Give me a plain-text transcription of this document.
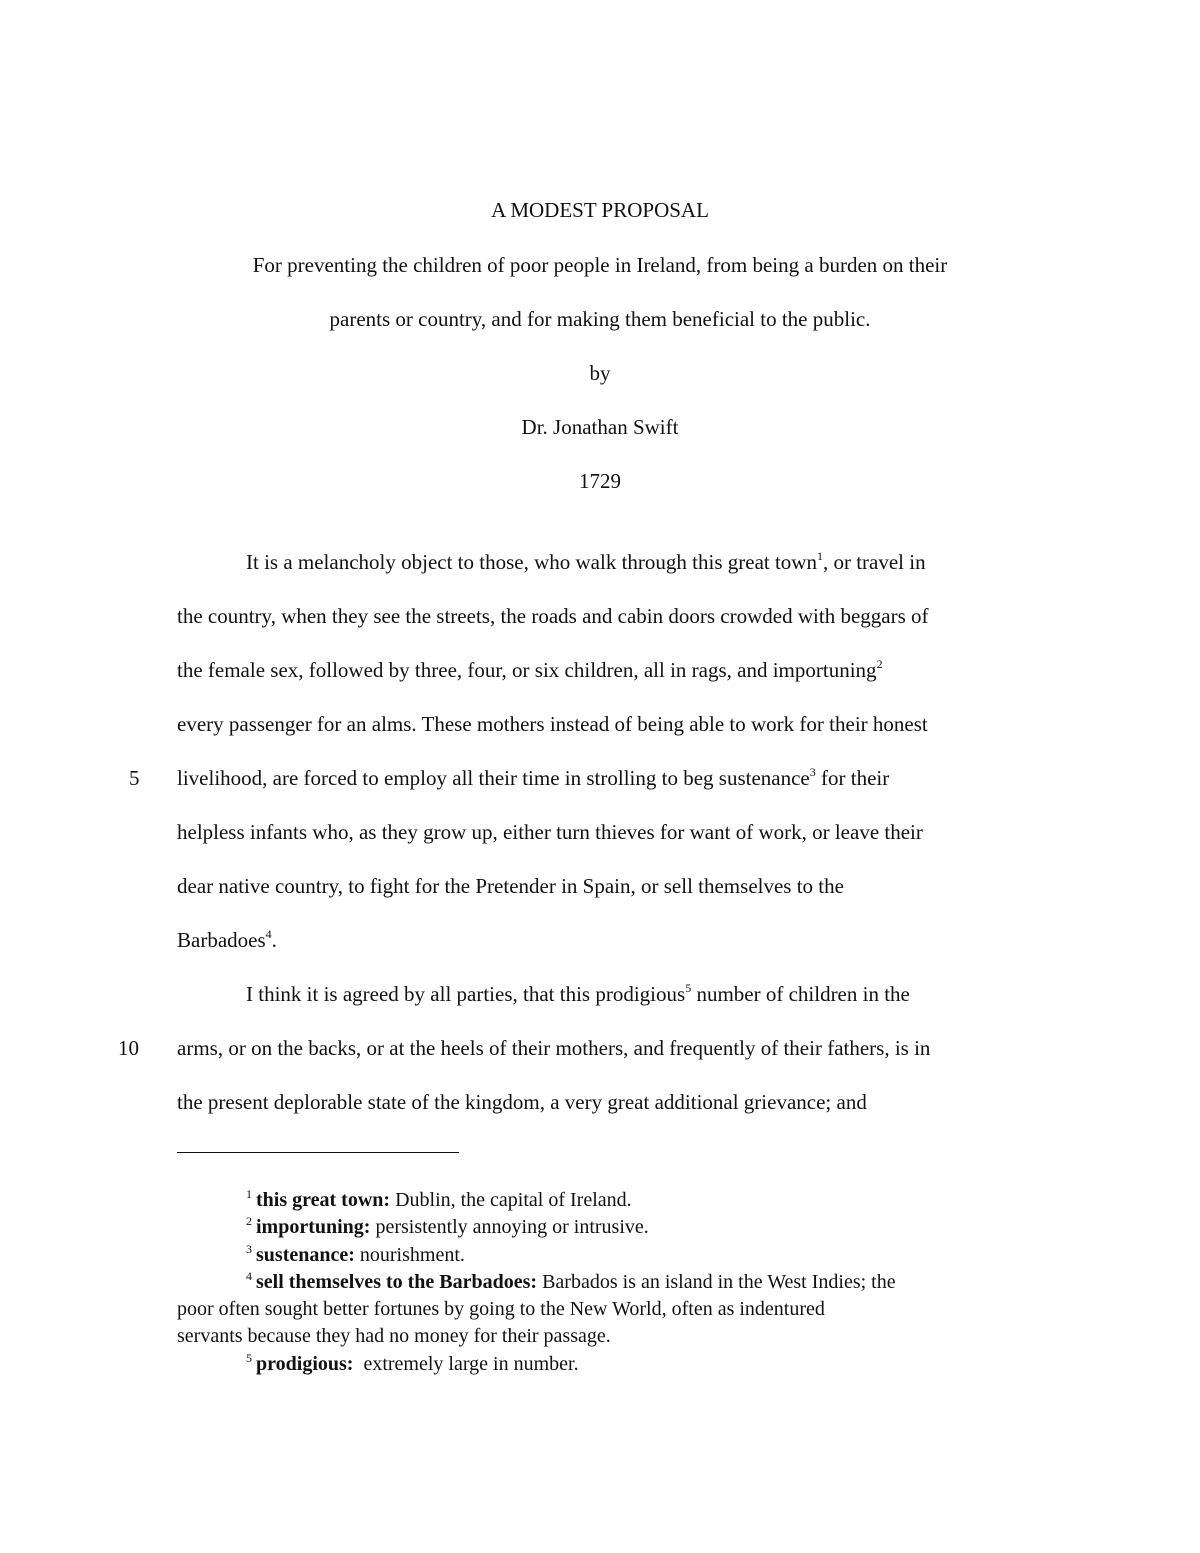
A MODEST PROPOSAL
For preventing the children of poor people in Ireland, from being a burden on their
parents or country, and for making them beneficial to the public.
by
Dr. Jonathan Swift
1729
It is a melancholy object to those, who walk through this great town$^1$, or travel in
the country, when they see the streets, the roads and cabin doors crowded with beggars of
the female sex, followed by three, four, or six children, all in rags, and importuning$^2$
every passenger for an alms. These mothers instead of being able to work for their honest
livelihood, are forced to employ all their time in strolling to beg sustenance$^3$ for their
helpless infants who, as they grow up, either turn thieves for want of work, or leave their
dear native country, to fight for the Pretender in Spain, or sell themselves to the
Barbadoes$^4$.
I think it is agreed by all parties, that this prodigious$^5$ number of children in the
arms, or on the backs, or at the heels of their mothers, and frequently of their fathers, is in
the present deplorable state of the kingdom, a very great additional grievance; and
5
10
$^1$ this great town: Dublin, the capital of Ireland.
$^2$ importuning: persistently annoying or intrusive.
$^3$ sustenance: nourishment.
$^4$ sell themselves to the Barbadoes: Barbados is an island in the West Indies; the
poor often sought better fortunes by going to the New World, often as indentured
servants because they had no money for their passage.
$^5$ prodigious:  extremely large in number.
